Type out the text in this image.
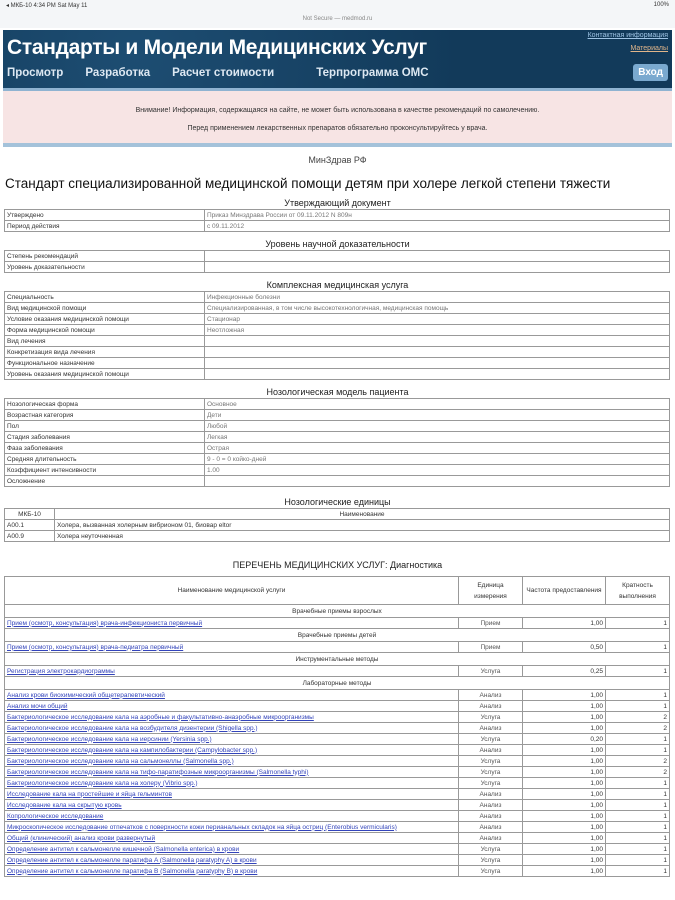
◂ МКБ-10 4:34 PM Sat May 11	100%
Not Secure — medmod.ru
Стандарты и Модели Медицинских Услуг
Просмотр Разработка Расчет стоимости	Терпрограмма ОМС
Контактная информация
Материалы
Вход
Внимание! Информация, содержащаяся на сайте, не может быть использована в качестве рекомендаций по самолечению.
Перед применением лекарственных препаратов обязательно проконсультируйтесь у врача.
МинЗдрав РФ
Стандарт специализированной медицинской помощи детям при холере легкой степени тяжести
Утверждающий документ
Утверждено	Приказ Минздрава России от 09.11.2012 N 809н
Период действия	с 09.11.2012
Уровень научной доказательности
Степень рекомендаций	
Уровень доказательности	
Комплексная медицинская услуга
Специальность	Инфекционные болезни
Вид медицинской помощи	Специализированная, в том числе высокотехнологичная, медицинская помощь
Условие оказания медицинской помощи	Стационар
Форма медицинской помощи	Неотложная
Вид лечения	
Конкретизация вида лечения	
Функциональное назначение	
Уровень оказания медицинской помощи	
Нозологическая модель пациента
Нозологическая форма	Основное
Возрастная категория	Дети
Пол	Любой
Стадия заболевания	Легкая
Фаза заболевания	Острая
Средняя длительность	9 - 0 = 0 койко-дней
Коэффициент интенсивности	1.00
Осложнение	
Нозологические единицы
МКБ-10	Наименование
A00.1	Холера, вызванная холерным вибрионом 01, биовар eltor
A00.9	Холера неуточненная
ПЕРЕЧЕНЬ МЕДИЦИНСКИХ УСЛУГ: Диагностика
Наименование медицинской услуги	Единица измерения	Частота предоставления	Кратность выполнения
Врачебные приемы взрослых			
Прием (осмотр, консультация) врача-инфекциониста первичный	Прием	1,00	1
Врачебные приемы детей			
Прием (осмотр, консультация) врача-педиатра первичный	Прием	0,50	1
Инструментальные методы			
Регистрация электрокардиограммы	Услуга	0,25	1
Лабораторные методы			
Анализ крови биохимический общетерапевтический	Анализ	1,00	1
Анализ мочи общий	Анализ	1,00	1
Бактериологическое исследование кала на аэробные и факультативно-анаэробные микроорганизмы	Услуга	1,00	2
Бактериологическое исследование кала на возбудителя дизентерии (Shigella spp.)	Анализ	1,00	2
Бактериологическое исследование кала на иерсинии (Yersinia spp.)	Услуга	0,20	1
Бактериологическое исследование кала на кампилобактерии (Campylobacter spp.)	Анализ	1,00	1
Бактериологическое исследование кала на сальмонеллы (Salmonella spp.)	Услуга	1,00	2
Бактериологическое исследование кала на тифо-паратифозные микроорганизмы (Salmonella typhi)	Услуга	1,00	2
Бактериологическое исследование кала на холеру (Vibrio spp.)	Услуга	1,00	1
Исследование кала на простейшие и яйца гельминтов	Анализ	1,00	1
Исследование кала на скрытую кровь	Анализ	1,00	1
Копрологическое исследование	Анализ	1,00	1
Микроскопическое исследование отпечатков с поверхности кожи перианальных складок на яйца остриц (Enterobius vermicularis)	Анализ	1,00	1
Общий (клинический) анализ крови развернутый	Анализ	1,00	1
Определение антител к сальмонелле кишечной (Salmonella enterica) в крови	Услуга	1,00	1
Определение антител к сальмонелле паратифа A (Salmonella paratyphy A) в крови	Услуга	1,00	1
Определение антител к сальмонелле паратифа B (Salmonella paratyphy B) в крови	Услуга	1,00	1
